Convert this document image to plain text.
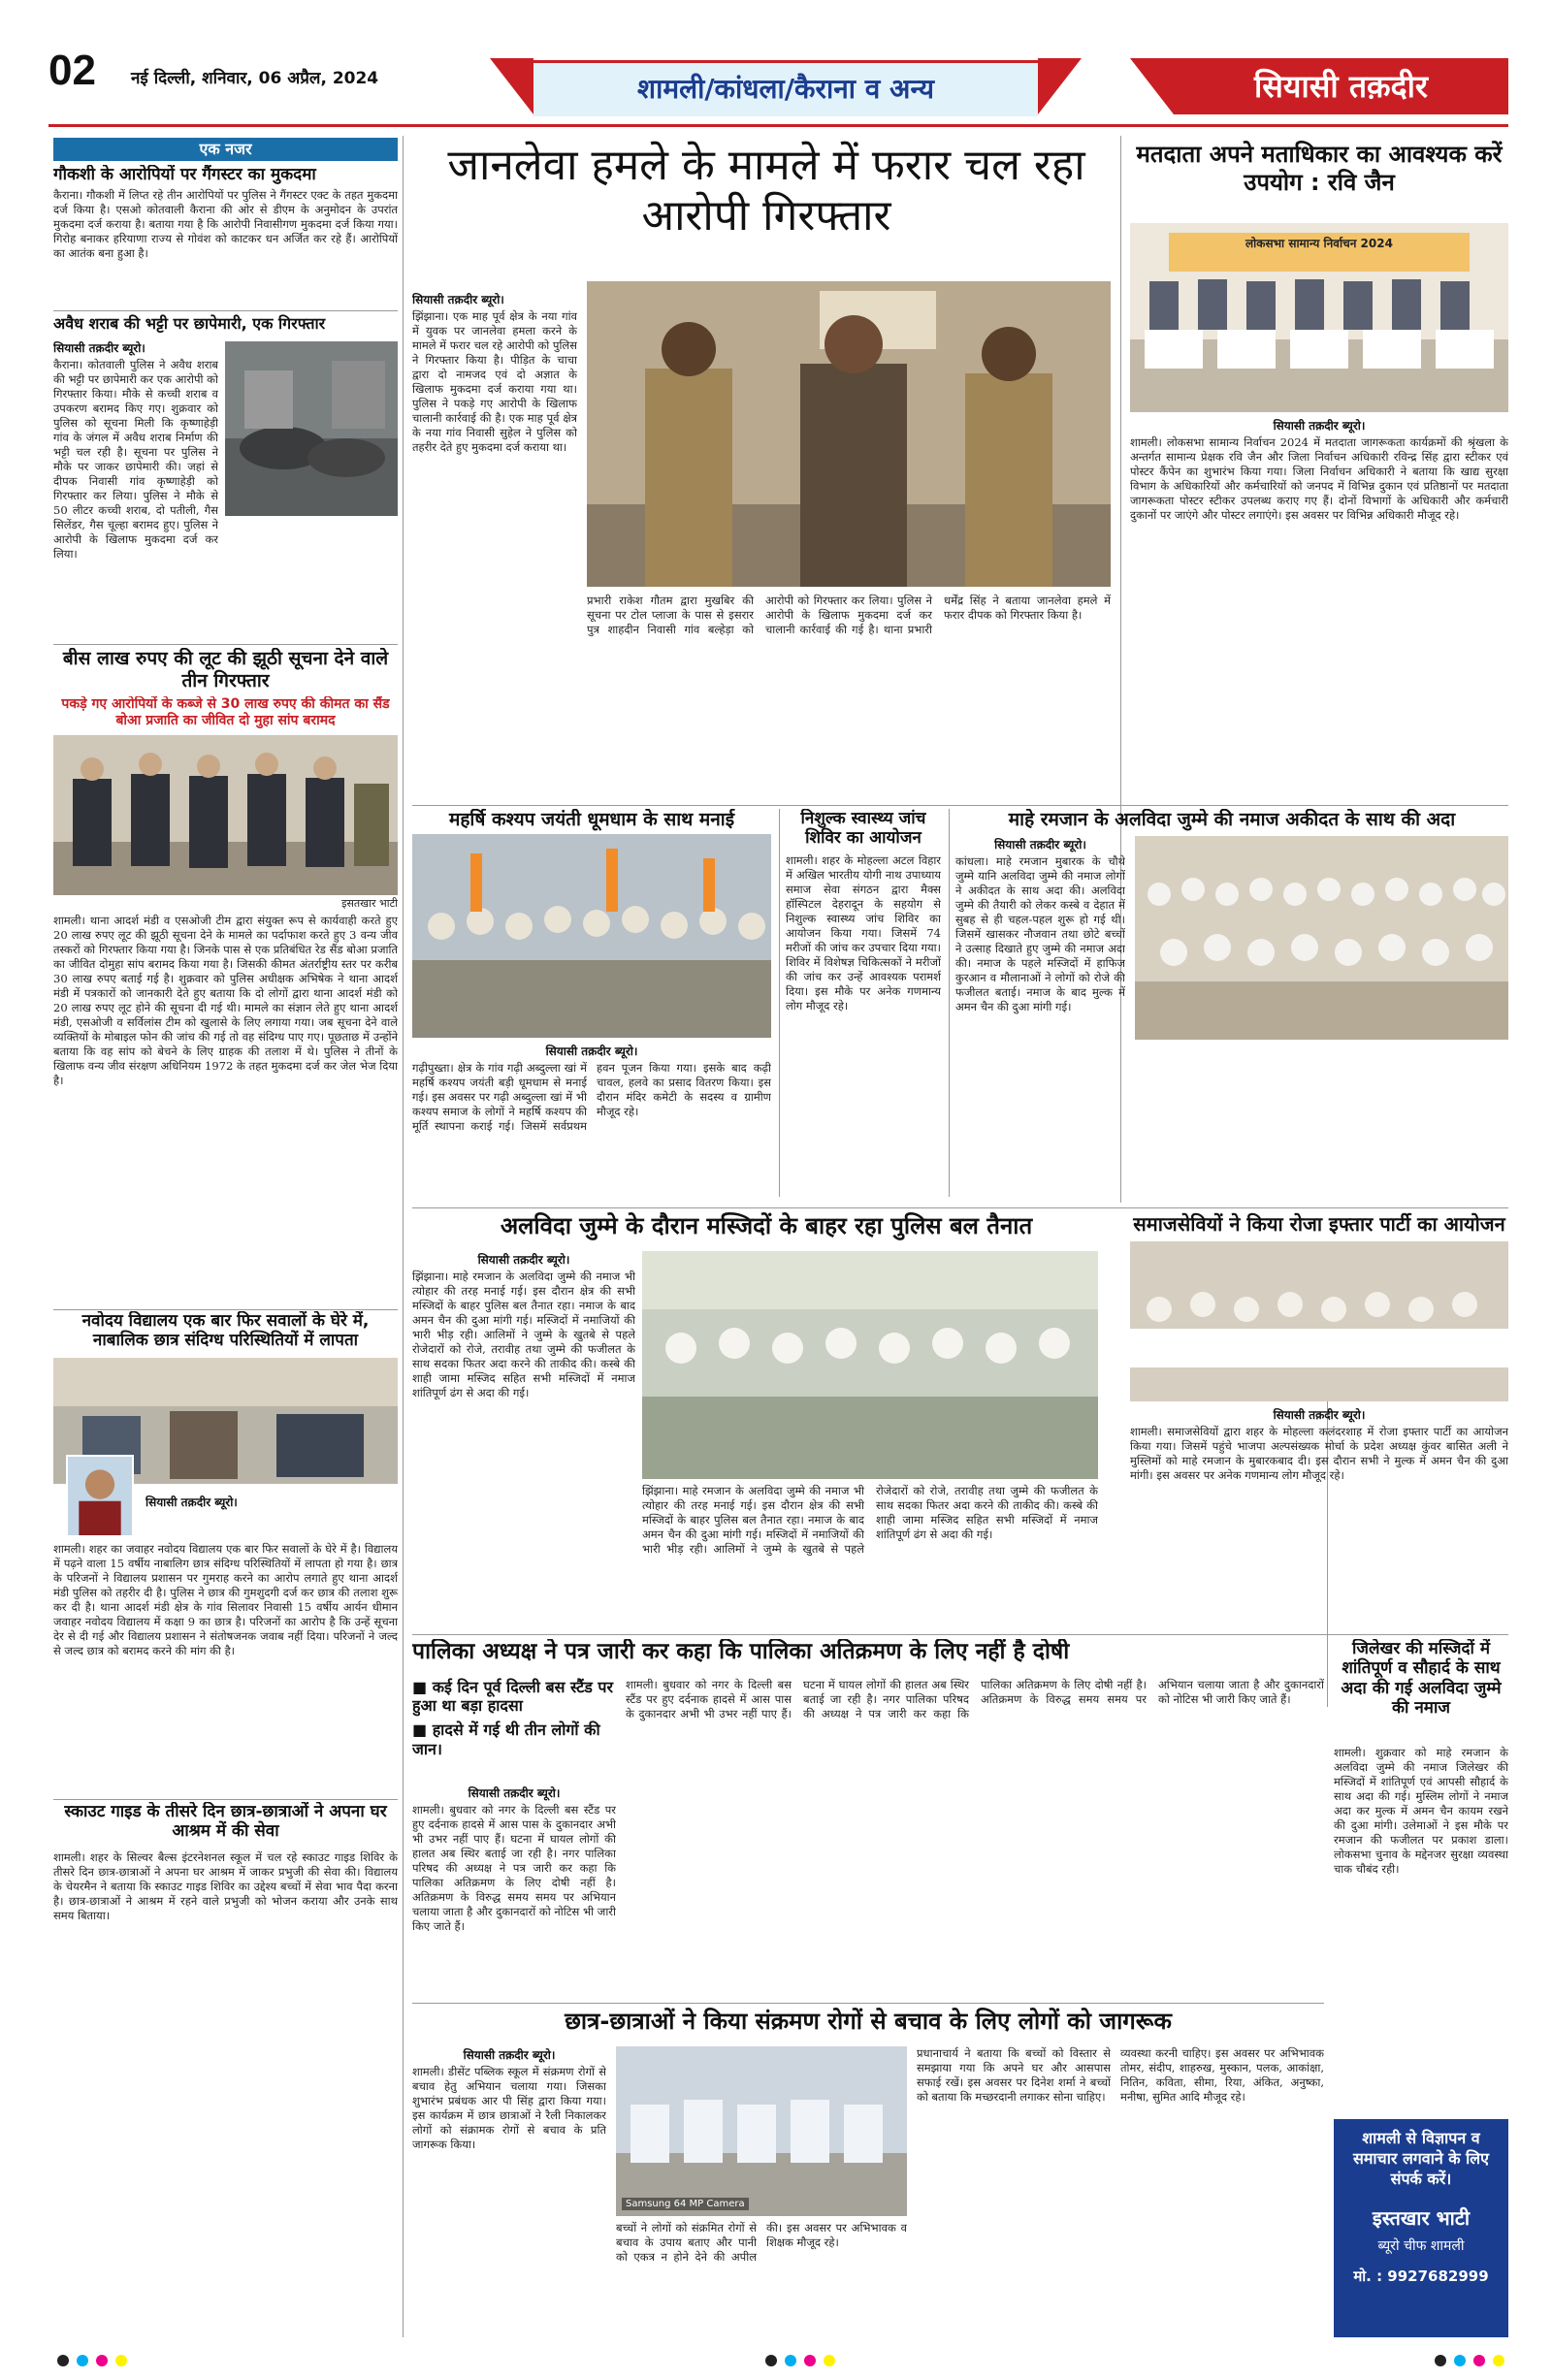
02 नई दिल्ली, शनिवार, 06 अप्रैल, 2024	शामली/कांधला/कैराना व अन्य	सियासी तक़दीर
एक नजर
गौकशी के आरोपियों पर गैंगस्टर का मुकदमा
कैराना। गौकशी में लिप्त रहे तीन आरोपियों पर पुलिस ने गैंगस्टर एक्ट के तहत मुकदमा दर्ज किया है। एसओ कोतवाली कैराना की ओर से डीएम के अनुमोदन के उपरांत मुकदमा दर्ज कराया है। बताया गया है कि आरोपी निवासीगण मुकदमा दर्ज किया गया। गिरोह बनाकर हरियाणा राज्य से गोवंश को काटकर धन अर्जित कर रहे हैं। आरोपियों का आतंक बना हुआ है।
अवैध शराब की भट्टी पर छापेमारी, एक गिरफ्तार
सियासी तक़दीर ब्यूरो।
कैराना। कोतवाली पुलिस ने अवैध शराब की भट्टी पर छापेमारी कर एक आरोपी को गिरफ्तार किया। मौके से कच्ची शराब व उपकरण बरामद किए गए। शुक्रवार को पुलिस को सूचना मिली कि कृष्णाहेड़ी गांव के जंगल में अवैध शराब निर्माण की भट्टी चल रही है। सूचना पर पुलिस ने मौके पर जाकर छापेमारी की। जहां से दीपक निवासी गांव कृष्णाहेड़ी को गिरफ्तार कर लिया। पुलिस ने मौके से 50 लीटर कच्ची शराब, दो पतीली, गैस सिलेंडर, गैस चूल्हा बरामद हुए। पुलिस ने आरोपी के खिलाफ मुकदमा दर्ज कर लिया।
बीस लाख रुपए की लूट की झूठी सूचना देने वाले तीन गिरफ्तार
पकड़े गए आरोपियों के कब्जे से 30 लाख रुपए की कीमत का सैंड बोआ प्रजाति का जीवित दो मुहा सांप बरामद
इसतखार भाटी
शामली। थाना आदर्श मंडी व एसओजी टीम द्वारा संयुक्त रूप से कार्यवाही करते हुए 20 लाख रुपए लूट की झूठी सूचना देने के मामले का पर्दाफाश करते हुए 3 वन्य जीव तस्करों को गिरफ्तार किया गया है। जिनके पास से एक प्रतिबंधित रेड सैंड बोआ प्रजाति का जीवित दोमुहा सांप बरामद किया गया है। जिसकी कीमत अंतर्राष्ट्रीय स्तर पर करीब 30 लाख रुपए बताई गई है। शुक्रवार को पुलिस अधीक्षक अभिषेक ने थाना आदर्श मंडी में पत्रकारों को जानकारी देते हुए बताया कि दो लोगों द्वारा थाना आदर्श मंडी को 20 लाख रुपए लूट होने की सूचना दी गई थी। मामले का संज्ञान लेते हुए थाना आदर्श मंडी, एसओजी व सर्विलांस टीम को खुलासे के लिए लगाया गया। जब सूचना देने वाले व्यक्तियों के मोबाइल फोन की जांच की गई तो वह संदिग्ध पाए गए। पूछताछ में उन्होंने बताया कि वह सांप को बेचने के लिए ग्राहक की तलाश में थे। पुलिस ने तीनों के खिलाफ वन्य जीव संरक्षण अधिनियम 1972 के तहत मुकदमा दर्ज कर जेल भेज दिया है।
नवोदय विद्यालय एक बार फिर सवालों के घेरे में, नाबालिक छात्र संदिग्ध परिस्थितियों में लापता
सियासी तक़दीर ब्यूरो।
शामली। शहर का जवाहर नवोदय विद्यालय एक बार फिर सवालों के घेरे में है। विद्यालय में पढ़ने वाला 15 वर्षीय नाबालिग छात्र संदिग्ध परिस्थितियों में लापता हो गया है। छात्र के परिजनों ने विद्यालय प्रशासन पर गुमराह करने का आरोप लगाते हुए थाना आदर्श मंडी पुलिस को तहरीर दी है। पुलिस ने छात्र की गुमशुदगी दर्ज कर छात्र की तलाश शुरू कर दी है। थाना आदर्श मंडी क्षेत्र के गांव सिलावर निवासी 15 वर्षीय आर्यन धीमान जवाहर नवोदय विद्यालय में कक्षा 9 का छात्र है। परिजनों का आरोप है कि उन्हें सूचना देर से दी गई और विद्यालय प्रशासन ने संतोषजनक जवाब नहीं दिया। परिजनों ने जल्द से जल्द छात्र को बरामद करने की मांग की है।
स्काउट गाइड के तीसरे दिन छात्र-छात्राओं ने अपना घर आश्रम में की सेवा
शामली। शहर के सिल्वर बैल्स इंटरनेशनल स्कूल में चल रहे स्काउट गाइड शिविर के तीसरे दिन छात्र-छात्राओं ने अपना घर आश्रम में जाकर प्रभुजी की सेवा की। विद्यालय के चेयरमैन ने बताया कि स्काउट गाइड शिविर का उद्देश्य बच्चों में सेवा भाव पैदा करना है। छात्र-छात्राओं ने आश्रम में रहने वाले प्रभुजी को भोजन कराया और उनके साथ समय बिताया।
जानलेवा हमले के मामले में फरार चल रहा आरोपी गिरफ्तार
सियासी तक़दीर ब्यूरो।
झिंझाना। एक माह पूर्व क्षेत्र के नया गांव में युवक पर जानलेवा हमला करने के मामले में फरार चल रहे आरोपी को पुलिस ने गिरफ्तार किया है। पीड़ित के चाचा द्वारा दो नामजद एवं दो अज्ञात के खिलाफ मुकदमा दर्ज कराया गया था। पुलिस ने पकड़े गए आरोपी के खिलाफ चालानी कार्रवाई की है। एक माह पूर्व क्षेत्र के नया गांव निवासी सुहेल ने पुलिस को तहरीर देते हुए मुकदमा दर्ज कराया था।
प्रभारी राकेश गौतम द्वारा मुखबिर की सूचना पर टोल प्लाजा के पास से इसरार पुत्र शाहदीन निवासी गांव बल्हेड़ा को आरोपी को गिरफ्तार कर लिया। पुलिस ने आरोपी के खिलाफ मुकदमा दर्ज कर चालानी कार्रवाई की गई है। थाना प्रभारी धर्मेंद्र सिंह ने बताया जानलेवा हमले में फरार दीपक को गिरफ्तार किया है।
मतदाता अपने मताधिकार का आवश्यक करें उपयोग : रवि जैन
लोकसभा सामान्य निर्वाचन 2024
सियासी तक़दीर ब्यूरो।
शामली। लोकसभा सामान्य निर्वाचन 2024 में मतदाता जागरूकता कार्यक्रमों की श्रृंखला के अन्तर्गत सामान्य प्रेक्षक रवि जैन और जिला निर्वाचन अधिकारी रविन्द्र सिंह द्वारा स्टीकर एवं पोस्टर कैंपेन का शुभारंभ किया गया। जिला निर्वाचन अधिकारी ने बताया कि खाद्य सुरक्षा विभाग के अधिकारियों और कर्मचारियों को जनपद में विभिन्न दुकान एवं प्रतिष्ठानों पर मतदाता जागरूकता पोस्टर स्टीकर उपलब्ध कराए गए हैं। दोनों विभागों के अधिकारी और कर्मचारी दुकानों पर जाएंगे और पोस्टर लगाएंगे। इस अवसर पर विभिन्न अधिकारी मौजूद रहे।
महर्षि कश्यप जयंती धूमधाम के साथ मनाई
सियासी तक़दीर ब्यूरो।
गढ़ीपुख्ता। क्षेत्र के गांव गढ़ी अब्दुल्ला खां में महर्षि कश्यप जयंती बड़ी धूमधाम से मनाई गई। इस अवसर पर गढ़ी अब्दुल्ला खां में भी कश्यप समाज के लोगों ने महर्षि कश्यप की मूर्ति स्थापना कराई गई। जिसमें सर्वप्रथम हवन पूजन किया गया। इसके बाद कढ़ी चावल, हलवे का प्रसाद वितरण किया। इस दौरान मंदिर कमेटी के सदस्य व ग्रामीण मौजूद रहे।
निशुल्क स्वास्थ्य जांच शिविर का आयोजन
शामली। शहर के मोहल्ला अटल विहार में अखिल भारतीय योगी नाथ उपाध्याय समाज सेवा संगठन द्वारा मैक्स हॉस्पिटल देहरादून के सहयोग से निशुल्क स्वास्थ्य जांच शिविर का आयोजन किया गया। जिसमें 74 मरीजों की जांच कर उपचार दिया गया। शिविर में विशेषज्ञ चिकित्सकों ने मरीजों की जांच कर उन्हें आवश्यक परामर्श दिया। इस मौके पर अनेक गणमान्य लोग मौजूद रहे।
माहे रमजान के अलविदा जुम्मे की नमाज अकीदत के साथ की अदा
सियासी तक़दीर ब्यूरो।
कांधला। माहे रमजान मुबारक के चौथे जुम्मे यानि अलविदा जुम्मे की नमाज लोगों ने अकीदत के साथ अदा की। अलविदा जुम्मे की तैयारी को लेकर कस्बे व देहात में सुबह से ही चहल-पहल शुरू हो गई थी। जिसमें खासकर नौजवान तथा छोटे बच्चों ने उत्साह दिखाते हुए जुम्मे की नमाज अदा की। नमाज के पहले मस्जिदों में हाफिज कुरआन व मौलानाओं ने लोगों को रोजे की फजीलत बताई। नमाज के बाद मुल्क में अमन चैन की दुआ मांगी गई।
अलविदा जुम्मे के दौरान मस्जिदों के बाहर रहा पुलिस बल तैनात
सियासी तक़दीर ब्यूरो।
झिंझाना। माहे रमजान के अलविदा जुम्मे की नमाज भी त्योहार की तरह मनाई गई। इस दौरान क्षेत्र की सभी मस्जिदों के बाहर पुलिस बल तैनात रहा। नमाज के बाद अमन चैन की दुआ मांगी गई। मस्जिदों में नमाजियों की भारी भीड़ रही। आलिमों ने जुम्मे के खुतबे से पहले रोजेदारों को रोजे, तरावीह तथा जुम्मे की फजीलत के साथ सदका फितर अदा करने की ताकीद की। कस्बे की शाही जामा मस्जिद सहित सभी मस्जिदों में नमाज शांतिपूर्ण ढंग से अदा की गई।
झिंझाना। माहे रमजान के अलविदा जुम्मे की नमाज भी त्योहार की तरह मनाई गई। इस दौरान क्षेत्र की सभी मस्जिदों के बाहर पुलिस बल तैनात रहा। नमाज के बाद अमन चैन की दुआ मांगी गई। मस्जिदों में नमाजियों की भारी भीड़ रही। आलिमों ने जुम्मे के खुतबे से पहले रोजेदारों को रोजे, तरावीह तथा जुम्मे की फजीलत के साथ सदका फितर अदा करने की ताकीद की। कस्बे की शाही जामा मस्जिद सहित सभी मस्जिदों में नमाज शांतिपूर्ण ढंग से अदा की गई।
समाजसेवियों ने किया रोजा इफ्तार पार्टी का आयोजन
सियासी तक़दीर ब्यूरो।
शामली। समाजसेवियों द्वारा शहर के मोहल्ला कलंदरशाह में रोजा इफ्तार पार्टी का आयोजन किया गया। जिसमें पहुंचे भाजपा अल्पसंख्यक मोर्चा के प्रदेश अध्यक्ष कुंवर बासित अली ने मुस्लिमों को माहे रमजान के मुबारकबाद दी। इस दौरान सभी ने मुल्क में अमन चैन की दुआ मांगी। इस अवसर पर अनेक गणमान्य लोग मौजूद रहे।
पालिका अध्यक्ष ने पत्र जारी कर कहा कि पालिका अतिक्रमण के लिए नहीं है दोषी
■ कई दिन पूर्व दिल्ली बस स्टैंड पर हुआ था बड़ा हादसा
■ हादसे में गई थी तीन लोगों की जान।
सियासी तक़दीर ब्यूरो।
शामली। बुधवार को नगर के दिल्ली बस स्टैंड पर हुए दर्दनाक हादसे में आस पास के दुकानदार अभी भी उभर नहीं पाए हैं। घटना में घायल लोगों की हालत अब स्थिर बताई जा रही है। नगर पालिका परिषद की अध्यक्ष ने पत्र जारी कर कहा कि पालिका अतिक्रमण के लिए दोषी नहीं है। अतिक्रमण के विरुद्ध समय समय पर अभियान चलाया जाता है और दुकानदारों को नोटिस भी जारी किए जाते हैं।
शामली। बुधवार को नगर के दिल्ली बस स्टैंड पर हुए दर्दनाक हादसे में आस पास के दुकानदार अभी भी उभर नहीं पाए हैं। घटना में घायल लोगों की हालत अब स्थिर बताई जा रही है। नगर पालिका परिषद की अध्यक्ष ने पत्र जारी कर कहा कि पालिका अतिक्रमण के लिए दोषी नहीं है। अतिक्रमण के विरुद्ध समय समय पर अभियान चलाया जाता है और दुकानदारों को नोटिस भी जारी किए जाते हैं।
जिलेखर की मस्जिदों में शांतिपूर्ण व सौहार्द के साथ अदा की गई अलविदा जुम्मे की नमाज
शामली। शुक्रवार को माहे रमजान के अलविदा जुम्मे की नमाज जिलेखर की मस्जिदों में शांतिपूर्ण एवं आपसी सौहार्द के साथ अदा की गई। मुस्लिम लोगों ने नमाज अदा कर मुल्क में अमन चैन कायम रखने की दुआ मांगी। उलेमाओं ने इस मौके पर रमजान की फजीलत पर प्रकाश डाला। लोकसभा चुनाव के मद्देनजर सुरक्षा व्यवस्था चाक चौबंद रही।
छात्र-छात्राओं ने किया संक्रमण रोगों से बचाव के लिए लोगों को जागरूक
सियासी तक़दीर ब्यूरो।
शामली। डीसेंट पब्लिक स्कूल में संक्रमण रोगों से बचाव हेतु अभियान चलाया गया। जिसका शुभारंभ प्रबंधक आर पी सिंह द्वारा किया गया। इस कार्यक्रम में छात्र छात्राओं ने रैली निकालकर लोगों को संक्रामक रोगों से बचाव के प्रति जागरूक किया।
Samsung 64 MP Camera
बच्चों ने लोगों को संक्रमित रोगों से बचाव के उपाय बताए और पानी को एकत्र न होने देने की अपील की। इस अवसर पर अभिभावक व शिक्षक मौजूद रहे।
प्रधानाचार्य ने बताया कि बच्चों को विस्तार से समझाया गया कि अपने घर और आसपास सफाई रखें। इस अवसर पर दिनेश शर्मा ने बच्चों को बताया कि मच्छरदानी लगाकर सोना चाहिए।
व्यवस्था करनी चाहिए। इस अवसर पर अभिभावक तोमर, संदीप, शाहरुख, मुस्कान, पलक, आकांक्षा, नितिन, कविता, सीमा, रिया, अंकित, अनुष्का, मनीषा, सुमित आदि मौजूद रहे।
शामली से विज्ञापन व समाचार लगवाने के लिए संपर्क करें।
इस्तखार भाटी
ब्यूरो चीफ शामली
मो. : 9927682999
